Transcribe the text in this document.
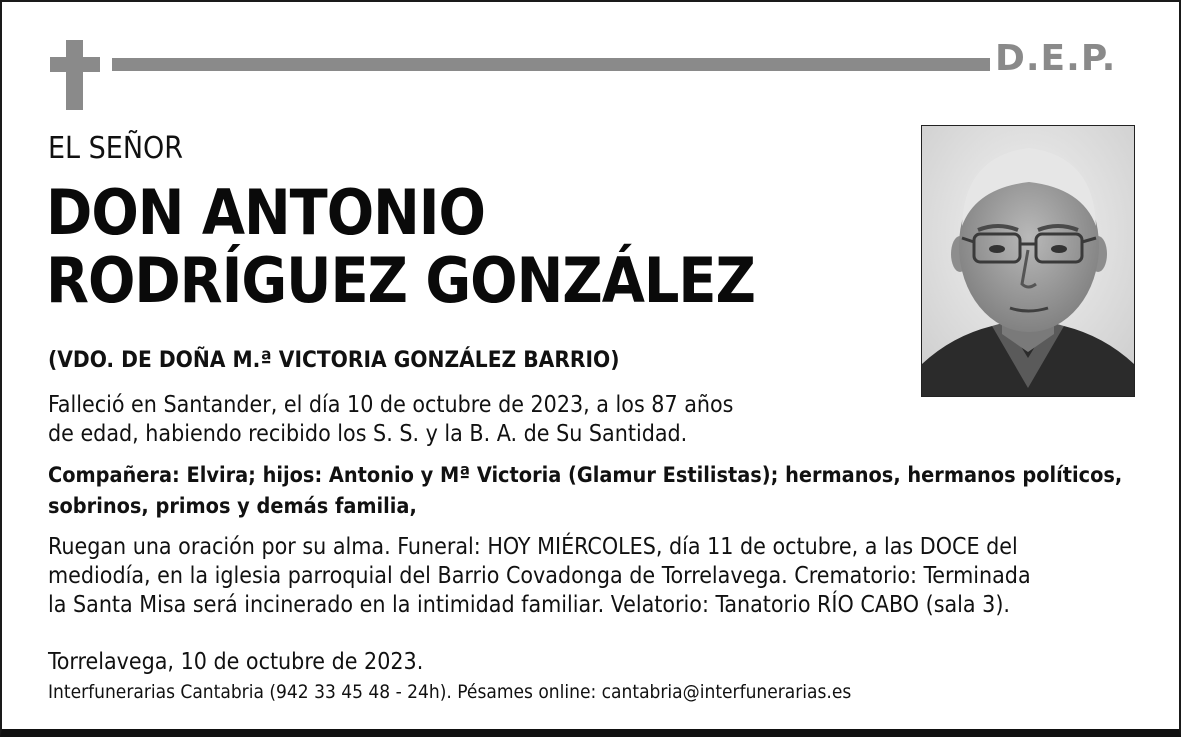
D.E.P.
EL SEÑOR
DON ANTONIO
RODRÍGUEZ GONZÁLEZ
(VDO. DE DOÑA M.ª VICTORIA GONZÁLEZ BARRIO)
Falleció en Santander, el día 10 de octubre de 2023, a los 87 años
de edad, habiendo recibido los S. S. y la B. A. de Su Santidad.
Compañera: Elvira; hijos: Antonio y Mª Victoria (Glamur Estilistas); hermanos, hermanos políticos,
sobrinos, primos y demás familia,
Ruegan una oración por su alma. Funeral: HOY MIÉRCOLES, día 11 de octubre, a las DOCE del
mediodía, en la iglesia parroquial del Barrio Covadonga de Torrelavega. Crematorio: Terminada
la Santa Misa será incinerado en la intimidad familiar. Velatorio: Tanatorio RÍO CABO (sala 3).
Torrelavega, 10 de octubre de 2023.
Interfunerarias Cantabria (942 33 45 48 - 24h). Pésames online: cantabria@interfunerarias.es
